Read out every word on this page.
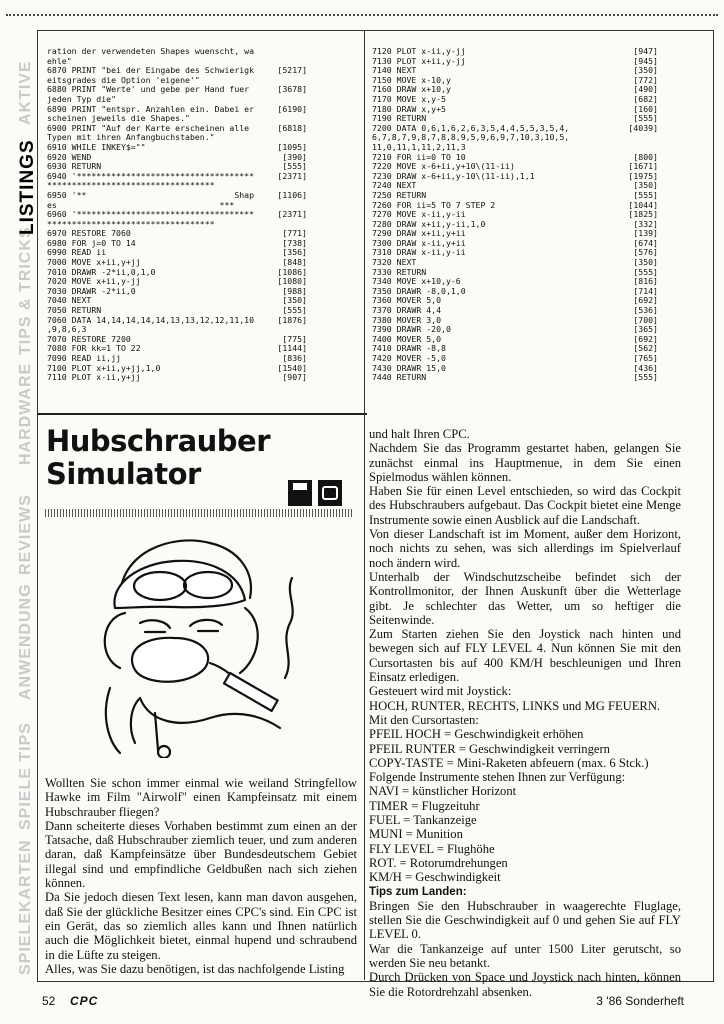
SPIELEKARTEN
SPIELE TIPS
ANWENDUNG
REVIEWS
HARDWARE
TIPS & TRICKS
LISTINGS
AKTIVE
ration der verwendeten Shapes wuenscht, wa
ehle"
6870 PRINT "bei der Eingabe des Schwierigk	[5217]
eitsgrades die Option 'eigene'"
6880 PRINT "Werte' und gebe per Hand fuer	[3678]
jeden Typ die"
6890 PRINT "entspr. Anzahlen ein. Dabei er	[6190]
scheinen jeweils die Shapes."
6900 PRINT "Auf der Karte erscheinen alle	[6818]
Typen mit ihren Anfangbuchstaben."
6910 WHILE INKEY$=""	[1095]
6920 WEND	[390]
6930 RETURN	[555]
6940 '************************************	[2371]
**********************************
6950 '**                              Shap	[1106]
es                                 ***
6960 '************************************	[2371]
**********************************
6970 RESTORE 7060	[771]
6980 FOR j=0 TO 14	[738]
6990 READ ii	[356]
7000 MOVE x+ii,y+jj	[848]
7010 DRAWR -2*ii,0,1,0	[1086]
7020 MOVE x+ii,y-jj	[1080]
7030 DRAWR -2*ii,0	[988]
7040 NEXT	[350]
7050 RETURN	[555]
7060 DATA 14,14,14,14,14,13,13,12,12,11,10	[1876]
,9,8,6,3
7070 RESTORE 7200	[775]
7080 FOR kk=1 TO 22	[1144]
7090 READ ii,jj	[836]
7100 PLOT x+ii,y+jj,1,0	[1540]
7110 PLOT x-ii,y+jj	[907]
7120 PLOT x-ii,y-jj	[947]
7130 PLOT x+ii,y-jj	[945]
7140 NEXT	[350]
7150 MOVE x-10,y	[772]
7160 DRAW x+10,y	[490]
7170 MOVE x,y-5	[682]
7180 DRAW x,y+5	[160]
7190 RETURN	[555]
7200 DATA 0,6,1,6,2,6,3,5,4,4,5,5,3,5,4,	[4039]
6,7,8,7,9,8,7,8,8,9,5,9,6,9,7,10,3,10,5,
11,0,11,1,11,2,11,3
7210 FOR ii=0 TO 10	[800]
7220 MOVE x-6+ii,y+10\(11-ii)	[1671]
7230 DRAW x-6+ii,y-10\(11-ii),1,1	[1975]
7240 NEXT	[350]
7250 RETURN	[555]
7260 FOR ii=5 TO 7 STEP 2	[1044]
7270 MOVE x-ii,y-ii	[1825]
7280 DRAW x+ii,y-ii,1,0	[332]
7290 DRAW x+ii,y+ii	[139]
7300 DRAW x-ii,y+ii	[674]
7310 DRAW x-ii,y-ii	[576]
7320 NEXT	[350]
7330 RETURN	[555]
7340 MOVE x+10,y-6	[816]
7350 DRAWR -8,0,1,0	[714]
7360 MOVER 5,0	[692]
7370 DRAWR 4,4	[536]
7380 MOVER 3,0	[700]
7390 DRAWR -20,0	[365]
7400 MOVER 5,0	[692]
7410 DRAWR -8,8	[562]
7420 MOVER -5,0	[765]
7430 DRAWR 15,0	[436]
7440 RETURN	[555]
Hubschrauber
Simulator

Wollten Sie schon immer einmal wie weiland Stringfellow Hawke im Film "Airwolf" einen Kampfeinsatz mit einem Hubschrauber fliegen?

Dann scheiterte dieses Vorhaben bestimmt zum einen an der Tatsache, daß Hubschrauber ziemlich teuer, und zum anderen daran, daß Kampfeinsätze über Bundesdeutschem Gebiet illegal sind und empfindliche Geldbußen nach sich ziehen können.

Da Sie jedoch diesen Text lesen, kann man davon ausgehen, daß Sie der glückliche Besitzer eines CPC's sind. Ein CPC ist ein Gerät, das so ziemlich alles kann und Ihnen natürlich auch die Möglichkeit bietet, einmal hupend und schraubend in die Lüfte zu steigen.

Alles, was Sie dazu benötigen, ist das nachfolgende Listing

und halt Ihren CPC.

Nachdem Sie das Programm gestartet haben, gelangen Sie zunächst einmal ins Hauptmenue, in dem Sie einen Spielmodus wählen können.

Haben Sie für einen Level entschieden, so wird das Cockpit des Hubschraubers aufgebaut. Das Cockpit bietet eine Menge Instrumente sowie einen Ausblick auf die Landschaft.

Von dieser Landschaft ist im Moment, außer dem Horizont, noch nichts zu sehen, was sich allerdings im Spielverlauf noch ändern wird.

Unterhalb der Windschutzscheibe befindet sich der Kontrollmonitor, der Ihnen Auskunft über die Wetterlage gibt. Je schlechter das Wetter, um so heftiger die Seitenwinde.

Zum Starten ziehen Sie den Joystick nach hinten und bewegen sich auf FLY LEVEL 4. Nun können Sie mit den Cursortasten bis auf 400 KM/H beschleunigen und Ihren Einsatz erledigen.

Gesteuert wird mit Joystick:

HOCH, RUNTER, RECHTS, LINKS und MG FEUERN.

Mit den Cursortasten:

PFEIL HOCH = Geschwindigkeit erhöhen

PFEIL RUNTER = Geschwindigkeit verringern

COPY-TASTE = Mini-Raketen abfeuern (max. 6 Stck.)

Folgende Instrumente stehen Ihnen zur Verfügung:

NAVI = künstlicher Horizont

TIMER = Flugzeituhr

FUEL = Tankanzeige

MUNI = Munition

FLY LEVEL = Flughöhe

ROT. = Rotorumdrehungen

KM/H = Geschwindigkeit

Tips zum Landen:

Bringen Sie den Hubschrauber in waagerechte Fluglage, stellen Sie die Geschwindigkeit auf 0 und gehen Sie auf FLY LEVEL 0.

War die Tankanzeige auf unter 1500 Liter gerutscht, so werden Sie neu betankt.

Durch Drücken von Space und Joystick nach hinten, können Sie die Rotordrehzahl absenken.

52 CPC	3 '86 Sonderheft
